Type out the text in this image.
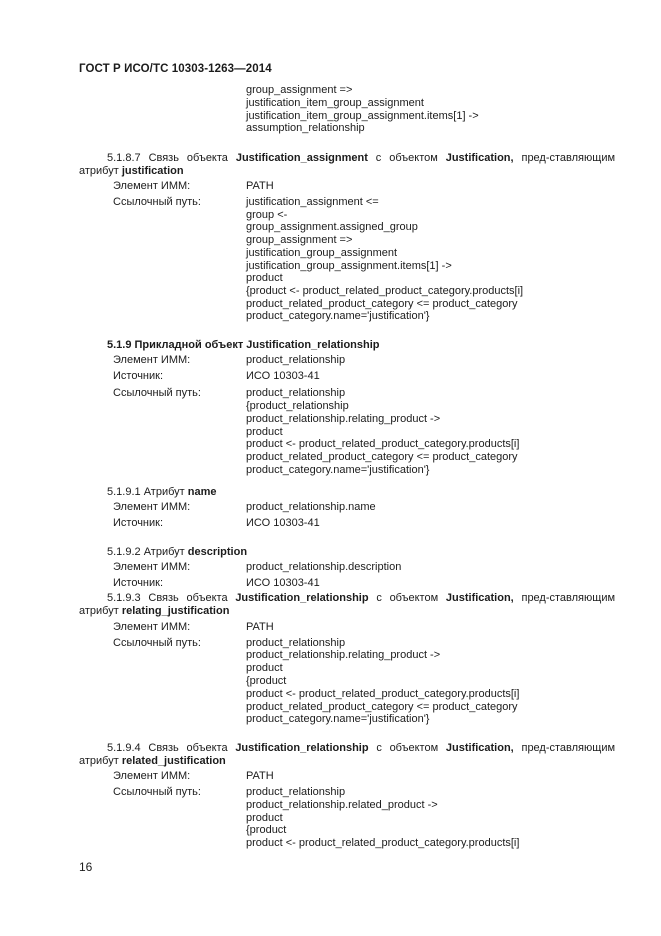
ГОСТ Р ИСО/ТС 10303-1263—2014
group_assignment =>
justification_item_group_assignment
justification_item_group_assignment.items[1] ->
assumption_relationship
5.1.8.7 Связь объекта Justification_assignment с объектом Justification, пред-ставляющим
атрибут justification
Элемент ИММ:	PATH
Ссылочный путь:	justification_assignment <=
group <-
group_assignment.assigned_group
group_assignment =>
justification_group_assignment
justification_group_assignment.items[1] ->
product
{product <- product_related_product_category.products[i]
product_related_product_category <= product_category
product_category.name='justification'}
5.1.9 Прикладной объект Justification_relationship
Элемент ИММ:	product_relationship
Источник:	ИСО 10303-41
Ссылочный путь:	product_relationship
{product_relationship
product_relationship.relating_product ->
product
product <- product_related_product_category.products[i]
product_related_product_category <= product_category
product_category.name='justification'}
5.1.9.1 Атрибут name
Элемент ИММ:	product_relationship.name
Источник:	ИСО 10303-41
5.1.9.2 Атрибут description
Элемент ИММ:	product_relationship.description
Источник:	ИСО 10303-41
5.1.9.3 Связь объекта Justification_relationship с объектом Justification, пред-ставляющим
атрибут relating_justification
Элемент ИММ:	PATH
Ссылочный путь:	product_relationship
product_relationship.relating_product ->
product
{product
product <- product_related_product_category.products[i]
product_related_product_category <= product_category
product_category.name='justification'}
5.1.9.4 Связь объекта Justification_relationship с объектом Justification, пред-ставляющим
атрибут related_justification
Элемент ИММ:	PATH
Ссылочный путь:	product_relationship
product_relationship.related_product ->
product
{product
product <- product_related_product_category.products[i]
16
